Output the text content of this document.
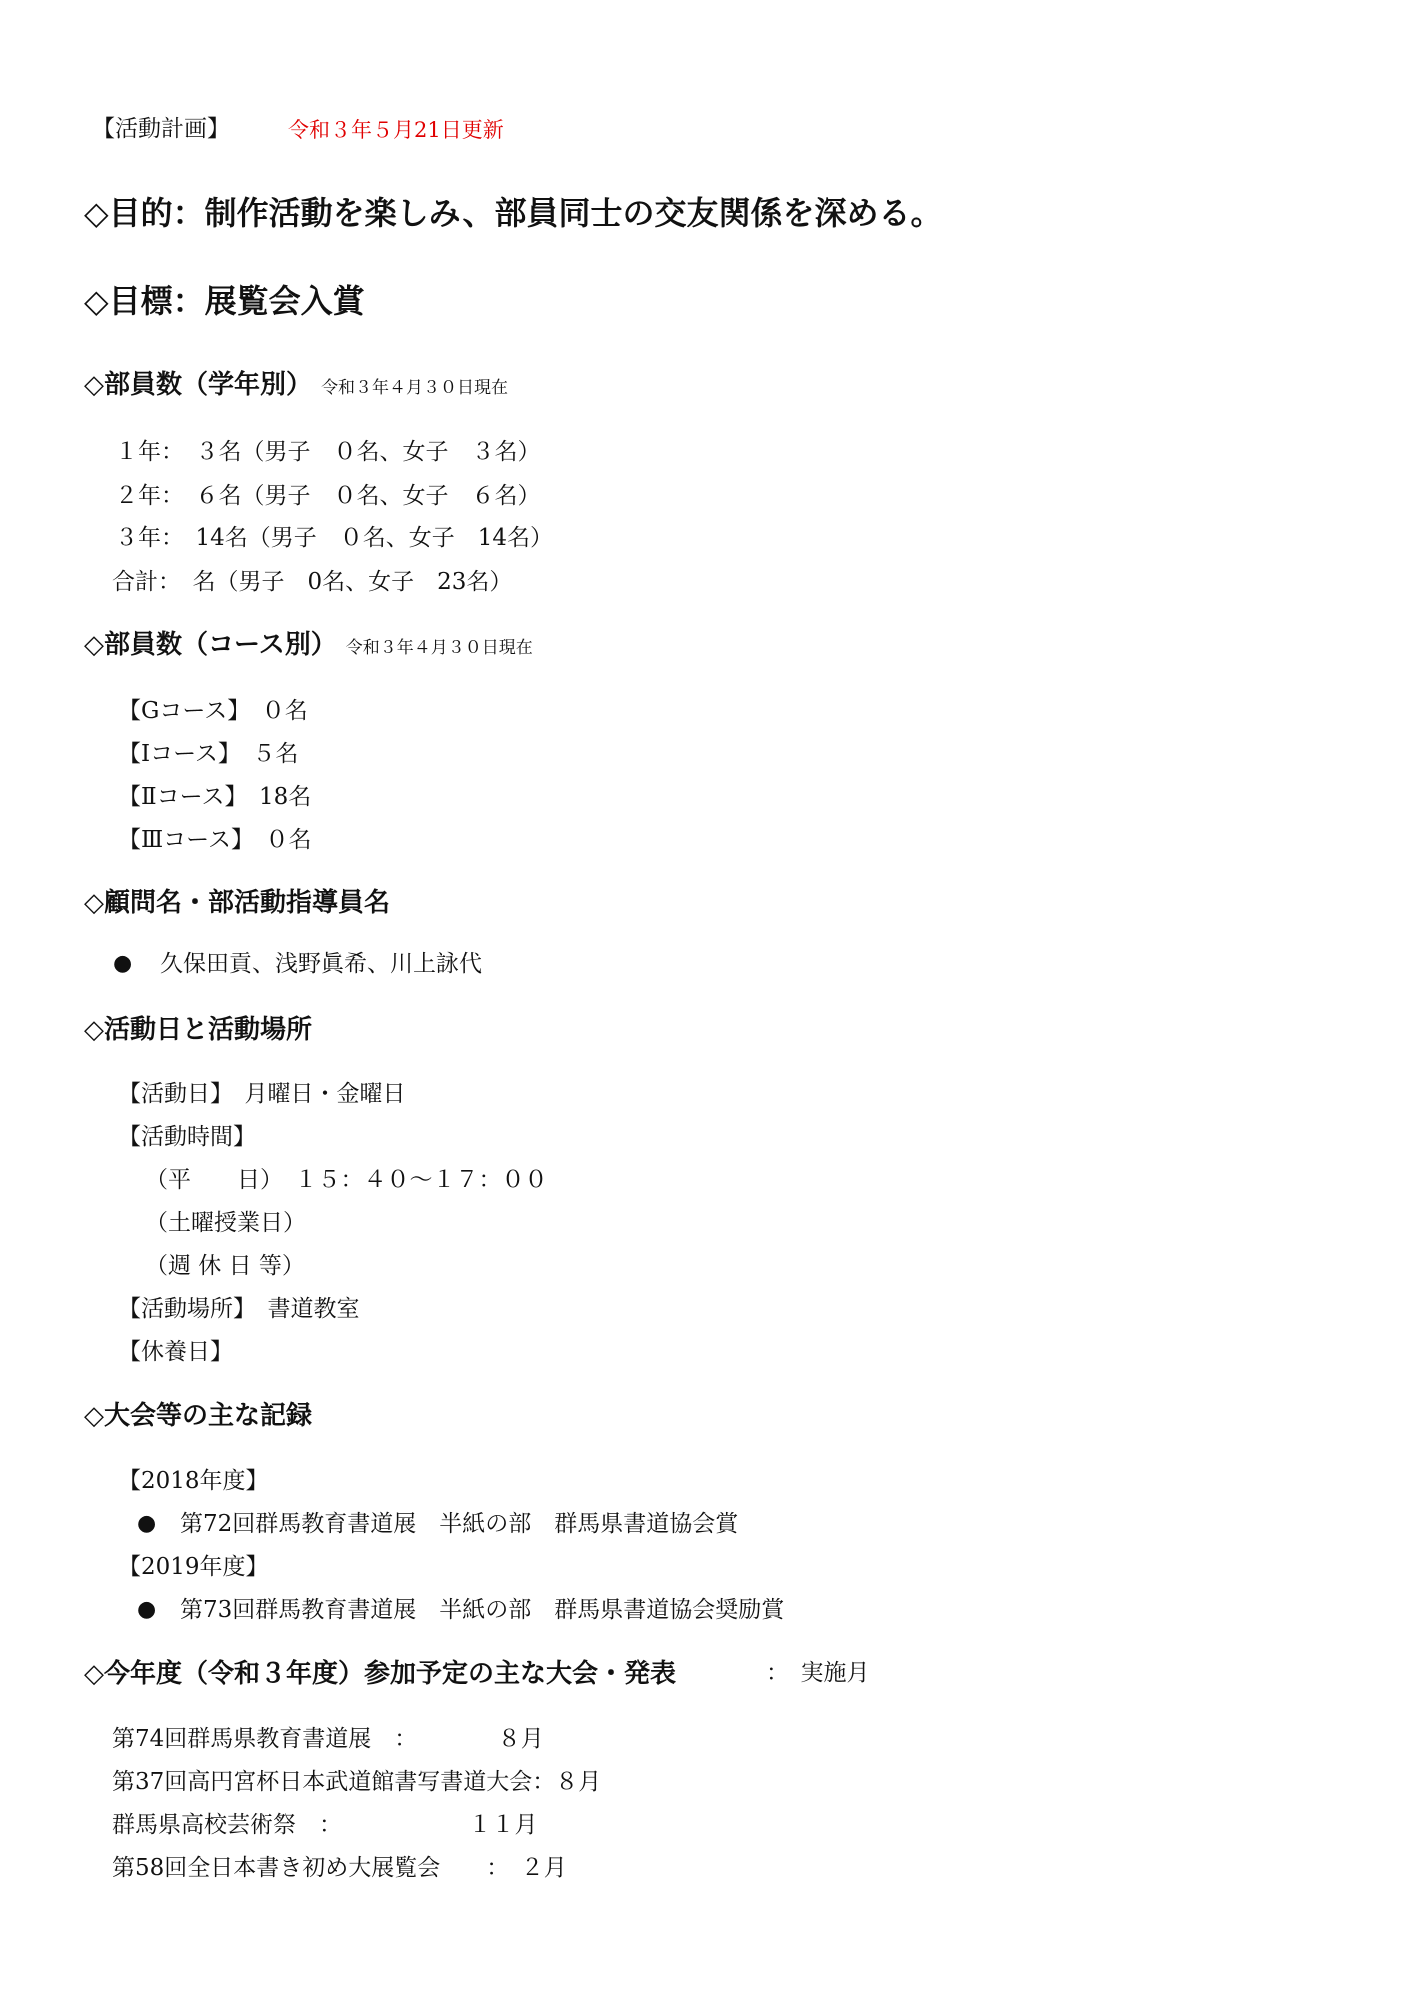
【活動計画】	令和３年５月21日更新
◇目的：制作活動を楽しみ、部員同士の交友関係を深める。
◇目標：展覧会入賞
◇部員数（学年別） 令和３年４月３０日現在
１年：　３名（男子　０名、女子　３名）
２年：　６名（男子　０名、女子　６名）
３年：　14名（男子　０名、女子　14名）
合計：　名（男子　0名、女子　23名）
◇部員数（コース別） 令和３年４月３０日現在
【Gコース】　０名
【Ⅰコース】　５名
【Ⅱコース】　18名
【Ⅲコース】　０名
◇顧問名・部活動指導員名
● 久保田貢、浅野眞希、川上詠代
◇活動日と活動場所
【活動日】　月曜日・金曜日
【活動時間】
（平　　日）　１５：４０～１７：００
（土曜授業日）
（週 休 日 等）
【活動場所】　書道教室
【休養日】
◇大会等の主な記録
【2018年度】
● 第72回群馬教育書道展　半紙の部　群馬県書道協会賞
【2019年度】
● 第73回群馬教育書道展　半紙の部　群馬県書道協会奨励賞
◇今年度（令和３年度）参加予定の主な大会・発表	：　実施月
第74回群馬県教育書道展　：　　　　８月
第37回高円宮杯日本武道館書写書道大会：８月
群馬県高校芸術祭　：　　　　　　１１月
第58回全日本書き初め大展覧会　　：　２月
